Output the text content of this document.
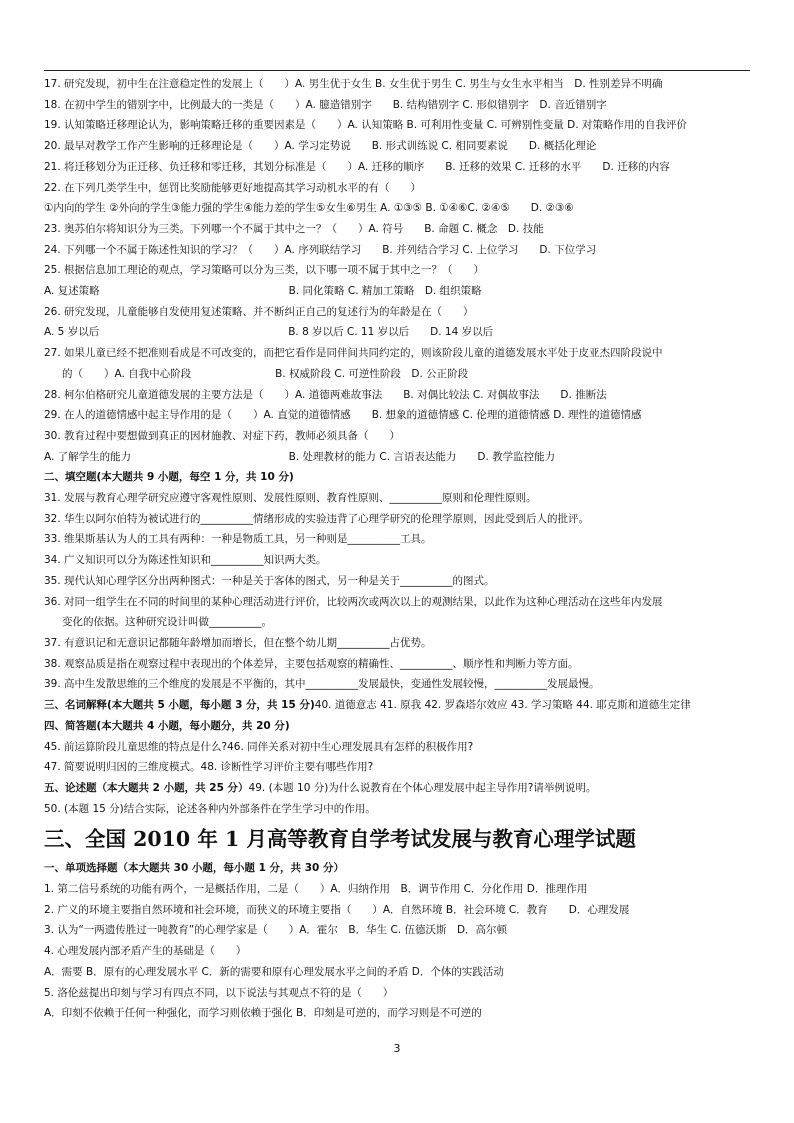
17. 研究发现，初中生在注意稳定性的发展上（　　）A. 男生优于女生 B. 女生优于男生 C. 男生与女生水平相当　D. 性别差异不明确
18. 在初中学生的错别字中，比例最大的一类是（　　）A. 臆造错别字　　B. 结构错别字 C. 形似错别字　D. 音近错别字
19. 认知策略迁移理论认为，影响策略迁移的重要因素是（　　）A. 认知策略 B. 可利用性变量 C. 可辨别性变量 D. 对策略作用的自我评价
20. 最早对教学工作产生影响的迁移理论是（　　）A. 学习定势说　　B. 形式训练说 C. 相同要素说　　D. 概括化理论
21. 将迁移划分为正迁移、负迁移和零迁移，其划分标准是（　　）A. 迁移的顺序　　B. 迁移的效果 C. 迁移的水平　　D. 迁移的内容
22. 在下列几类学生中，惩罚比奖励能够更好地提高其学习动机水平的有（　　）
①内向的学生 ②外向的学生③能力强的学生④能力差的学生⑤女生⑥男生 A. ①③⑤ B. ①④⑥C. ②④⑤　　D. ②③⑥
23. 奥苏伯尔将知识分为三类。下列哪一个不属于其中之一？（　　）A. 符号　　B. 命题 C. 概念　D. 技能
24. 下列哪一个不属于陈述性知识的学习？（　　）A. 序列联结学习　　B. 并列结合学习 C. 上位学习　　D. 下位学习
25. 根据信息加工理论的观点，学习策略可以分为三类，以下哪一项不属于其中之一？（　　）
A. 复述策略　　　　　　　　　　　　　　　　　　B. 同化策略 C. 精加工策略　D. 组织策略
26. 研究发现，儿童能够自发使用复述策略、并不断纠正自己的复述行为的年龄是在（　　）
A. 5 岁以后　　　　　　　　　　　　　　　　　　B. 8 岁以后 C. 11 岁以后　　D. 14 岁以后
27. 如果儿童已经不把准则看成是不可改变的，而把它看作是同伴间共同约定的，则该阶段儿童的道德发展水平处于皮亚杰四阶段说中
的（　　）A. 自我中心阶段　　　　　　　　B. 权威阶段 C. 可逆性阶段　D. 公正阶段
28. 柯尔伯格研究儿童道德发展的主要方法是（　　）A. 道德两难故事法　　B. 对偶比较法 C. 对偶故事法　　D. 推断法
29. 在人的道德情感中起主导作用的是（　　）A. 直觉的道德情感　　B. 想象的道德情感 C. 伦理的道德情感 D. 理性的道德情感
30. 教育过程中要想做到真正的因材施教、对症下药，教师必须具备（　　）
A. 了解学生的能力　　　　　　　　　　　　　　　B. 处理教材的能力 C. 言语表达能力　　D. 教学监控能力
二、填空题(本大题共 9 小题，每空 1 分，共 10 分)
31. 发展与教育心理学研究应遵守客观性原则、发展性原则、教育性原则、__________原则和伦理性原则。
32. 华生以阿尔伯特为被试进行的__________情绪形成的实验违背了心理学研究的伦理学原则，因此受到后人的批评。
33. 维果斯基认为人的工具有两种：一种是物质工具，另一种则是__________工具。
34. 广义知识可以分为陈述性知识和__________知识两大类。
35. 现代认知心理学区分出两种图式：一种是关于客体的图式，另一种是关于__________的图式。
36. 对同一组学生在不同的时间里的某种心理活动进行评价，比较两次或两次以上的观测结果，以此作为这种心理活动在这些年内发展
变化的依据。这种研究设计叫做__________。
37. 有意识记和无意识记都随年龄增加而增长，但在整个幼儿期__________占优势。
38. 观察品质是指在观察过程中表现出的个体差异，主要包括观察的精确性、__________、顺序性和判断力等方面。
39. 高中生发散思维的三个维度的发展是不平衡的，其中__________发展最快，变通性发展较慢，__________发展最慢。
三、名词解释(本大题共 5 小题，每小题 3 分，共 15 分)40. 道德意志 41. 原我 42. 罗森塔尔效应 43. 学习策略 44. 耶克斯和道德生定律
四、简答题(本大题共 4 小题，每小题分，共 20 分)
45. 前运算阶段儿童思维的特点是什么?46. 同伴关系对初中生心理发展具有怎样的积极作用?
47. 简要说明归因的三维度模式。48. 诊断性学习评价主要有哪些作用?
五、论述题（本大题共 2 小题，共 25 分）49. (本题 10 分)为什么说教育在个体心理发展中起主导作用?请举例说明。
50. (本题 15 分)结合实际，论述各种内外部条件在学生学习中的作用。
三、全国 2010 年 1 月高等教育自学考试发展与教育心理学试题
一、单项选择题（本大题共 30 小题，每小题 1 分，共 30 分）
1. 第二信号系统的功能有两个，一是概括作用，二是（　　）A．归纳作用　B．调节作用 C．分化作用 D．推理作用
2. 广义的环境主要指自然环境和社会环境，而狭义的环境主要指（　　）A．自然环境 B．社会环境 C．教育　　D．心理发展
3. 认为“一两遗传胜过一吨教育”的心理学家是（　　）A．霍尔　B．华生 C. 伍德沃斯　D．高尔顿
4. 心理发展内部矛盾产生的基础是（　　）
A．需要 B．原有的心理发展水平 C．新的需要和原有心理发展水平之间的矛盾 D．个体的实践活动
5. 洛伦兹提出印刻与学习有四点不同，以下说法与其观点不符的是（　　）
A．印刻不依赖于任何一种强化，而学习则依赖于强化 B．印刻是可逆的，而学习则是不可逆的
3
